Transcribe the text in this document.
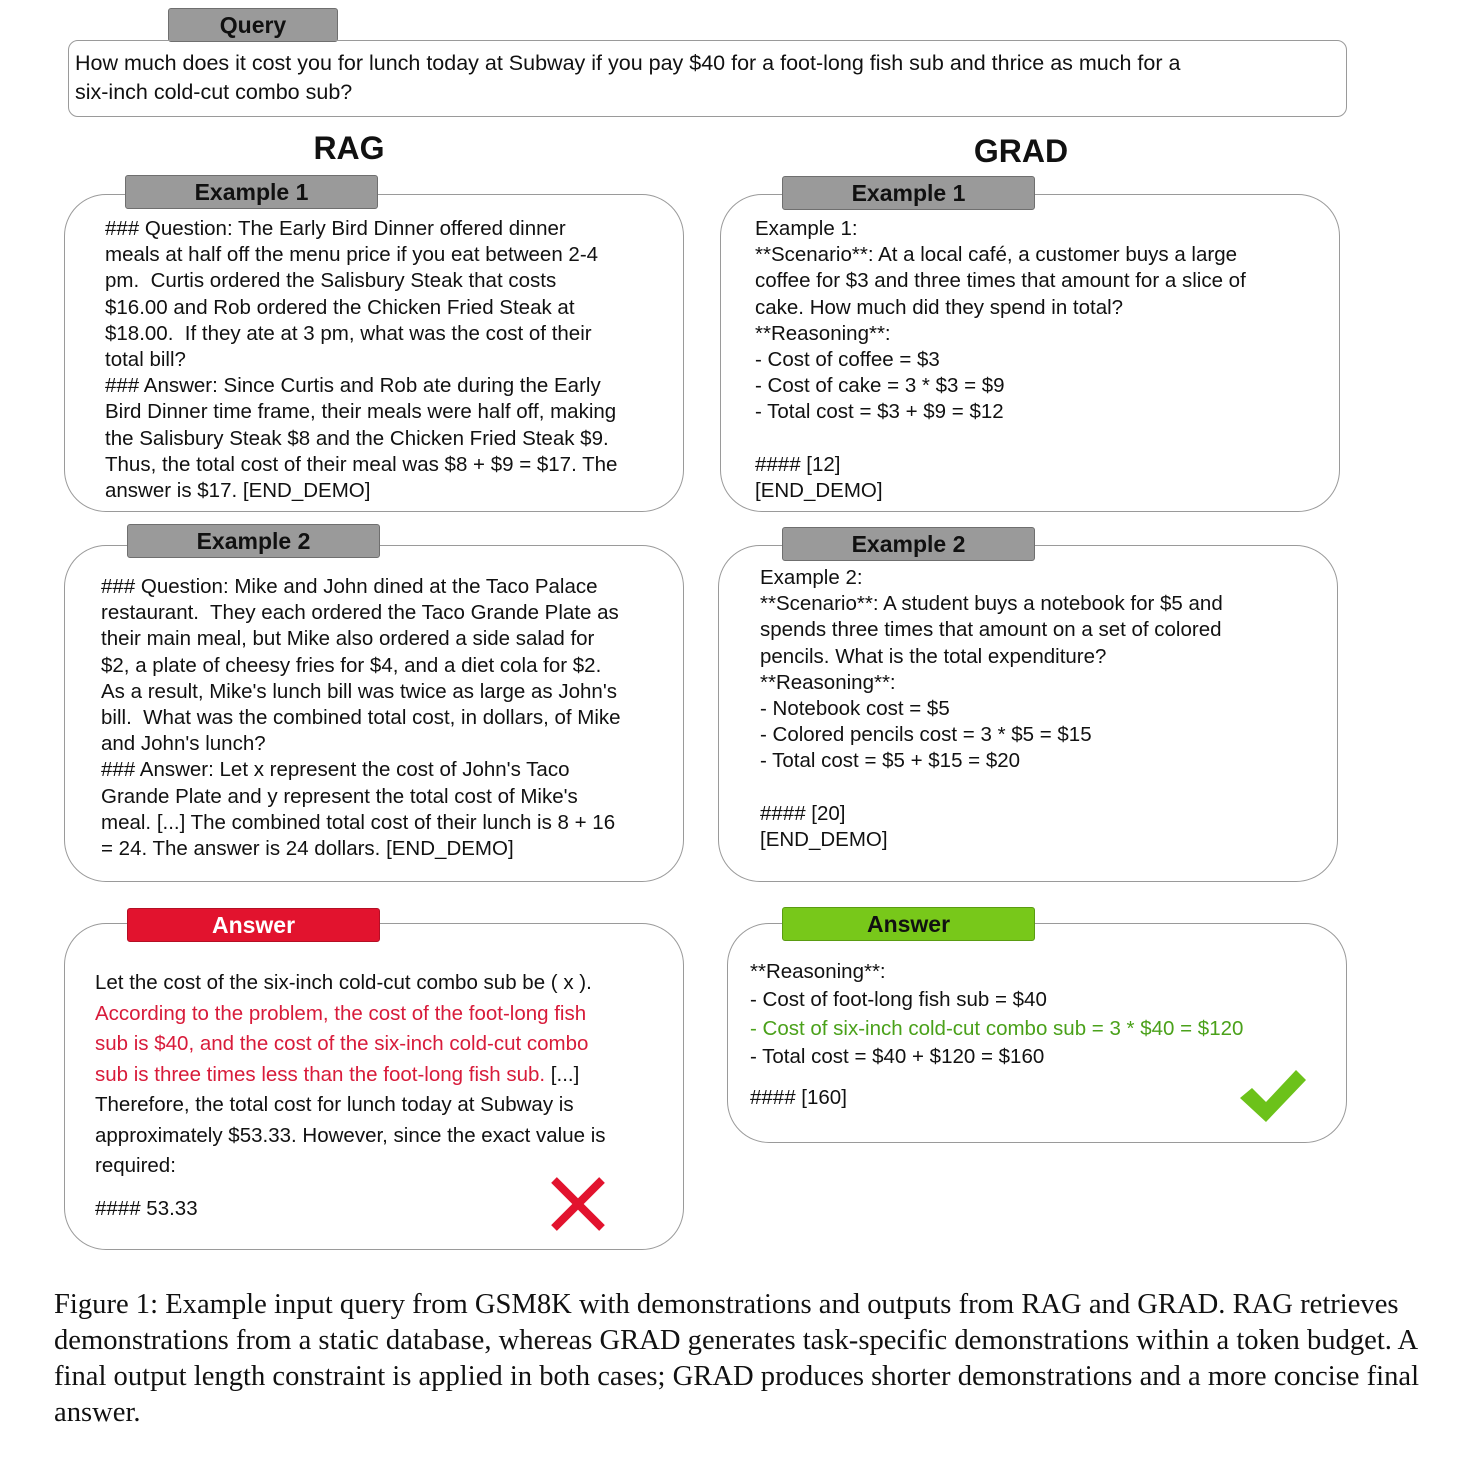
Query
How much does it cost you for lunch today at Subway if you pay $40 for a foot-long fish sub and thrice as much for a
six-inch cold-cut combo sub?
RAG	GRAD
Example 1
### Question: The Early Bird Dinner offered dinner
meals at half off the menu price if you eat between 2-4
pm.  Curtis ordered the Salisbury Steak that costs
$16.00 and Rob ordered the Chicken Fried Steak at
$18.00.  If they ate at 3 pm, what was the cost of their
total bill?
### Answer: Since Curtis and Rob ate during the Early
Bird Dinner time frame, their meals were half off, making
the Salisbury Steak $8 and the Chicken Fried Steak $9.
Thus, the total cost of their meal was $8 + $9 = $17. The
answer is $17. [END_DEMO]
Example 1
Example 1:
**Scenario**: At a local café, a customer buys a large
coffee for $3 and three times that amount for a slice of
cake. How much did they spend in total?
**Reasoning**:
- Cost of coffee = $3
- Cost of cake = 3 * $3 = $9
- Total cost = $3 + $9 = $12

#### [12]
[END_DEMO]
Example 2
### Question: Mike and John dined at the Taco Palace
restaurant.  They each ordered the Taco Grande Plate as
their main meal, but Mike also ordered a side salad for
$2, a plate of cheesy fries for $4, and a diet cola for $2.
As a result, Mike's lunch bill was twice as large as John's
bill.  What was the combined total cost, in dollars, of Mike
and John's lunch?
### Answer: Let x represent the cost of John's Taco
Grande Plate and y represent the total cost of Mike's
meal. [...] The combined total cost of their lunch is 8 + 16
= 24. The answer is 24 dollars. [END_DEMO]
Example 2
Example 2:
**Scenario**: A student buys a notebook for $5 and
spends three times that amount on a set of colored
pencils. What is the total expenditure?
**Reasoning**:
- Notebook cost = $5
- Colored pencils cost = 3 * $5 = $15
- Total cost = $5 + $15 = $20

#### [20]
[END_DEMO]
Answer
Let the cost of the six-inch cold-cut combo sub be ( x ).
According to the problem, the cost of the foot-long fish
sub is $40, and the cost of the six-inch cold-cut combo
sub is three times less than the foot-long fish sub. [...]
Therefore, the total cost for lunch today at Subway is
approximately $53.33. However, since the exact value is
required:
#### 53.33
Answer
**Reasoning**:
- Cost of foot-long fish sub = $40
- Cost of six-inch cold-cut combo sub = 3 * $40 = $120
- Total cost = $40 + $120 = $160
#### [160]
Figure 1: Example input query from GSM8K with demonstrations and outputs from RAG and GRAD. RAG retrieves demonstrations from a static database, whereas GRAD generates task-specific demonstrations within a token budget. A final output length constraint is applied in both cases; GRAD produces shorter demonstrations and a more concise final answer.
